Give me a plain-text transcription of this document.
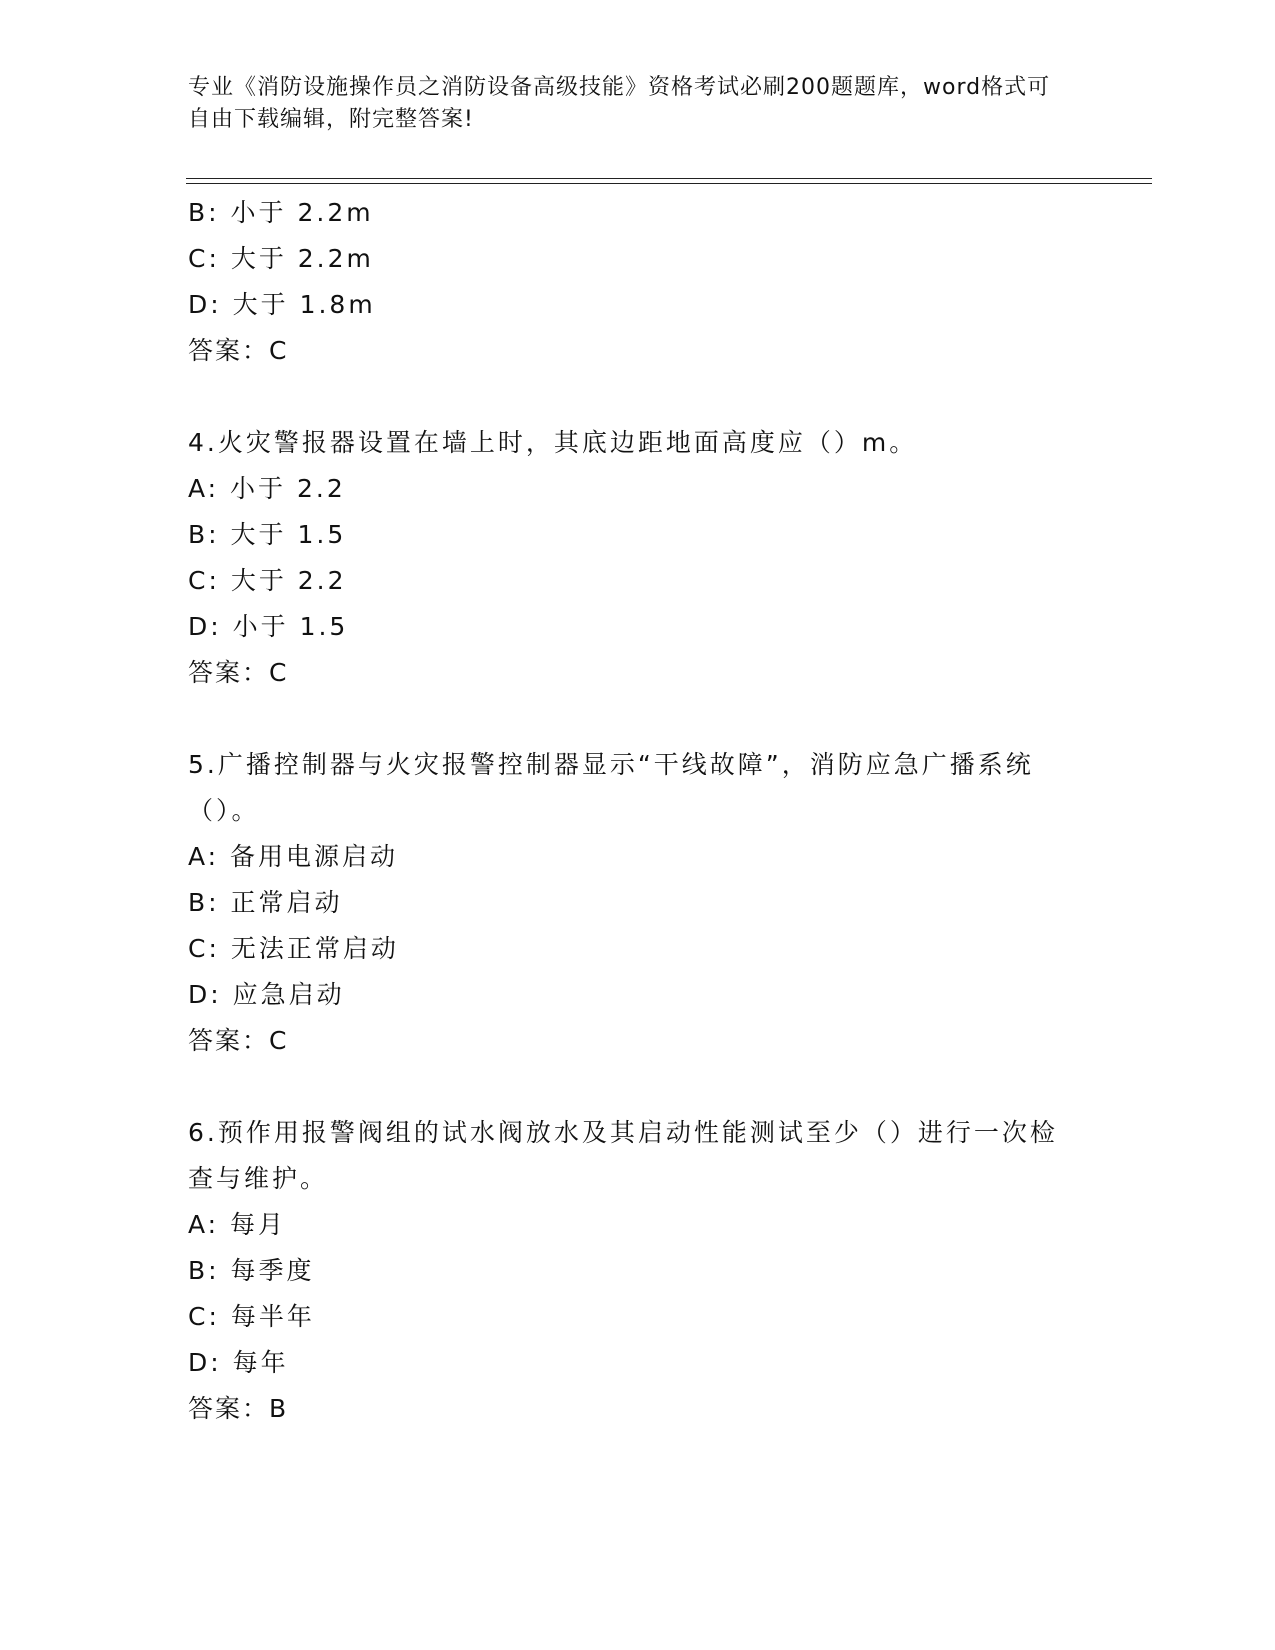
专业《消防设施操作员之消防设备高级技能》资格考试必刷200题题库，word格式可自由下载编辑，附完整答案!
B: 小于 2.2m
C: 大于 2.2m
D: 大于 1.8m
答案：C
4.火灾警报器设置在墙上时，其底边距地面高度应（）m。
A: 小于 2.2
B: 大于 1.5
C: 大于 2.2
D: 小于 1.5
答案：C
5.广播控制器与火灾报警控制器显示“干线故障”，消防应急广播系统（）。
A: 备用电源启动
B: 正常启动
C: 无法正常启动
D: 应急启动
答案：C
6.预作用报警阀组的试水阀放水及其启动性能测试至少（）进行一次检查与维护。
A: 每月
B: 每季度
C: 每半年
D: 每年
答案：B
